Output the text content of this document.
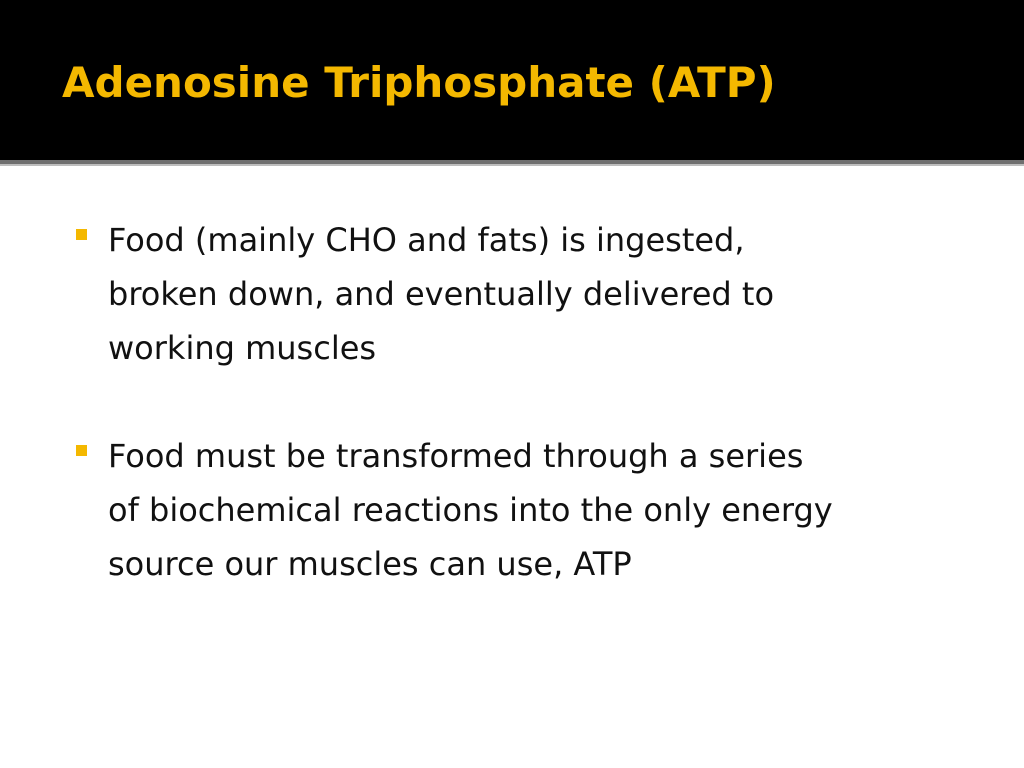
Adenosine Triphosphate (ATP)
Food (mainly CHO and fats) is ingested,
broken down, and eventually delivered to
working muscles
Food must be transformed through a series
of biochemical reactions into the only energy
source our muscles can use, ATP
